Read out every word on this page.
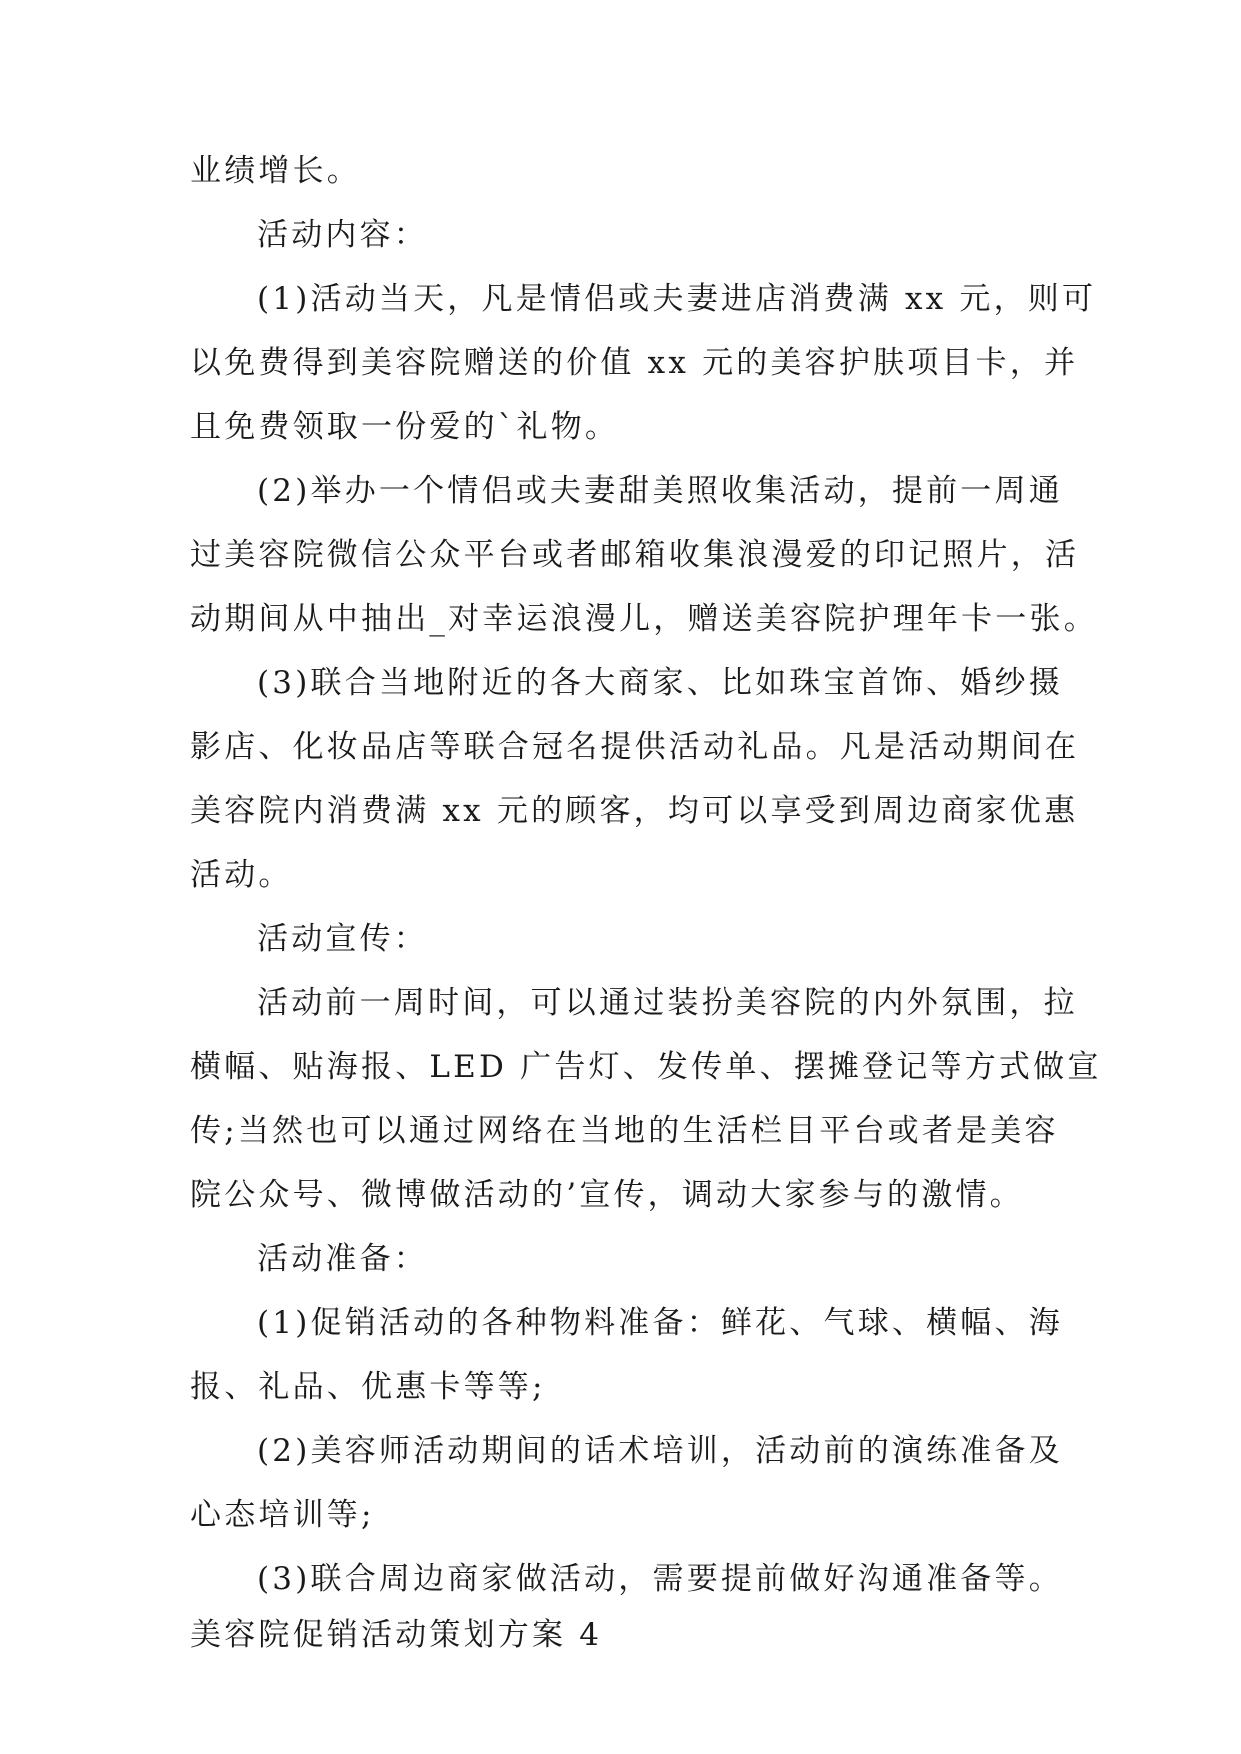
业绩增长。
活动内容：
(1)活动当天，凡是情侣或夫妻进店消费满 xx 元，则可
以免费得到美容院赠送的价值 xx 元的美容护肤项目卡，并
且免费领取一份爱的`礼物。
(2)举办一个情侣或夫妻甜美照收集活动，提前一周通
过美容院微信公众平台或者邮箱收集浪漫爱的印记照片，活
动期间从中抽出_对幸运浪漫儿，赠送美容院护理年卡一张。
(3)联合当地附近的各大商家、比如珠宝首饰、婚纱摄
影店、化妆品店等联合冠名提供活动礼品。凡是活动期间在
美容院内消费满 xx 元的顾客，均可以享受到周边商家优惠
活动。
活动宣传：
活动前一周时间，可以通过装扮美容院的内外氛围，拉
横幅、贴海报、LED 广告灯、发传单、摆摊登记等方式做宣
传;当然也可以通过网络在当地的生活栏目平台或者是美容
院公众号、微博做活动的’宣传，调动大家参与的激情。
活动准备：
(1)促销活动的各种物料准备：鲜花、气球、横幅、海
报、礼品、优惠卡等等;
(2)美容师活动期间的话术培训，活动前的演练准备及
心态培训等;
(3)联合周边商家做活动，需要提前做好沟通准备等。
美容院促销活动策划方案 4
